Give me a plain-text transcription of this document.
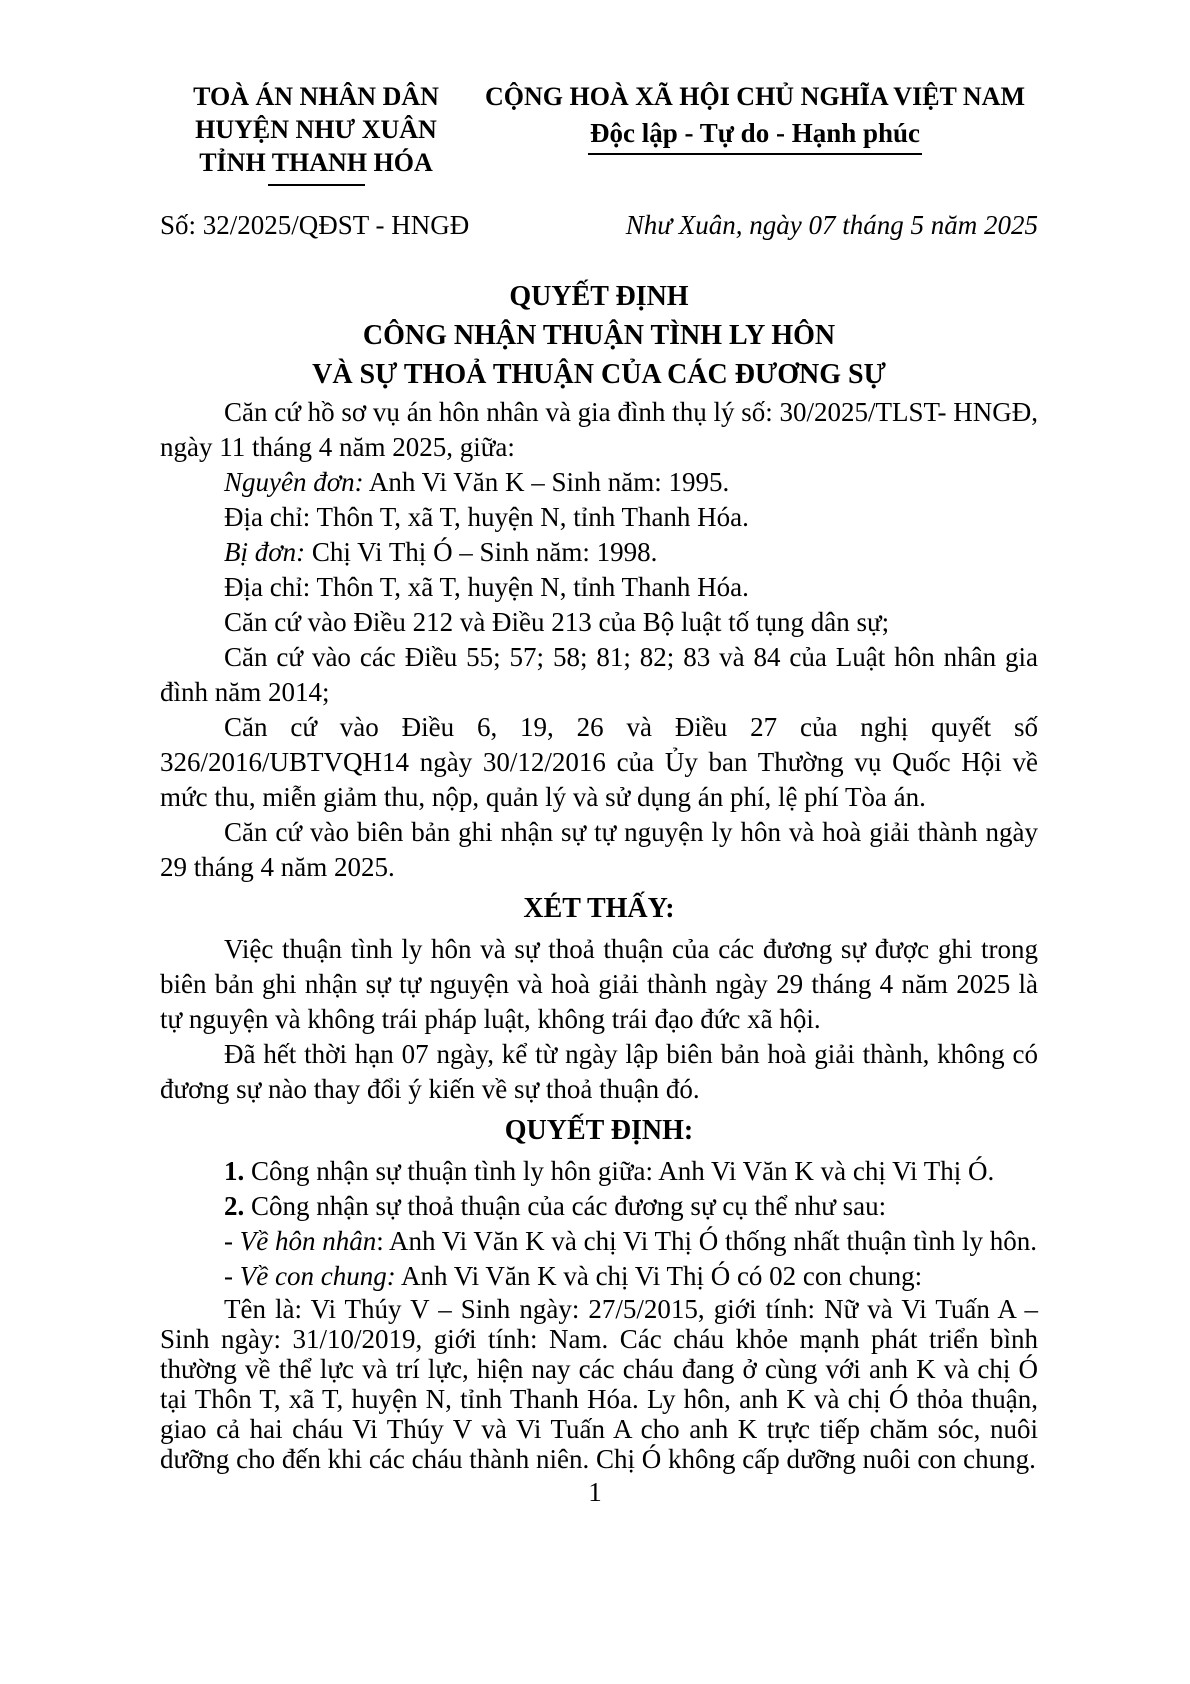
TOÀ ÁN NHÂN DÂN
HUYỆN NHƯ XUÂN
TỈNH THANH HÓA
CỘNG HOÀ XÃ HỘI CHỦ NGHĨA VIỆT NAM
Độc lập - Tự do - Hạnh phúc
Số: 32/2025/QĐST - HNGĐ	Như Xuân, ngày 07 tháng 5 năm 2025
QUYẾT ĐỊNH
CÔNG NHẬN THUẬN TÌNH LY HÔN
VÀ SỰ THOẢ THUẬN CỦA CÁC ĐƯƠNG SỰ

Căn cứ hồ sơ vụ án hôn nhân và gia đình thụ lý số: 30/2025/TLST- HNGĐ, ngày 11 tháng 4 năm 2025, giữa:

Nguyên đơn: Anh Vi Văn K – Sinh năm: 1995.

Địa chỉ: Thôn T, xã T, huyện N, tỉnh Thanh Hóa.

Bị đơn: Chị Vi Thị Ó – Sinh năm: 1998.

Địa chỉ: Thôn T, xã T, huyện N, tỉnh Thanh Hóa.

Căn cứ vào Điều 212 và Điều 213 của Bộ luật tố tụng dân sự;

Căn cứ vào các Điều 55; 57; 58; 81; 82; 83 và 84 của Luật hôn nhân gia đình năm 2014;

Căn cứ vào Điều 6, 19, 26 và Điều 27 của nghị quyết số 326/2016/UBTVQH14 ngày 30/12/2016 của Ủy ban Thường vụ Quốc Hội về mức thu, miễn giảm thu, nộp, quản lý và sử dụng án phí, lệ phí Tòa án.

Căn cứ vào biên bản ghi nhận sự tự nguyện ly hôn và hoà giải thành ngày 29 tháng 4 năm 2025.

XÉT THẤY:

Việc thuận tình ly hôn và sự thoả thuận của các đương sự được ghi trong biên bản ghi nhận sự tự nguyện và hoà giải thành ngày 29 tháng 4 năm 2025 là tự nguyện và không trái pháp luật, không trái đạo đức xã hội.

Đã hết thời hạn 07 ngày, kể từ ngày lập biên bản hoà giải thành, không có đương sự nào thay đổi ý kiến về sự thoả thuận đó.

QUYẾT ĐỊNH:

1. Công nhận sự thuận tình ly hôn giữa: Anh Vi Văn K và chị Vi Thị Ó.

2. Công nhận sự thoả thuận của các đương sự cụ thể như sau:

- Về hôn nhân: Anh Vi Văn K và chị Vi Thị Ó thống nhất thuận tình ly hôn.

- Về con chung: Anh Vi Văn K và chị Vi Thị Ó có 02 con chung:

Tên là: Vi Thúy V – Sinh ngày: 27/5/2015, giới tính: Nữ và Vi Tuấn A – Sinh ngày: 31/10/2019, giới tính: Nam. Các cháu khỏe mạnh phát triển bình thường về thể lực và trí lực, hiện nay các cháu đang ở cùng với anh K và chị Ó tại Thôn T, xã T, huyện N, tỉnh Thanh Hóa. Ly hôn, anh K và chị Ó thỏa thuận, giao cả hai cháu Vi Thúy V và Vi Tuấn A cho anh K trực tiếp chăm sóc, nuôi dưỡng cho đến khi các cháu thành niên. Chị Ó không cấp dưỡng nuôi con chung.

1
